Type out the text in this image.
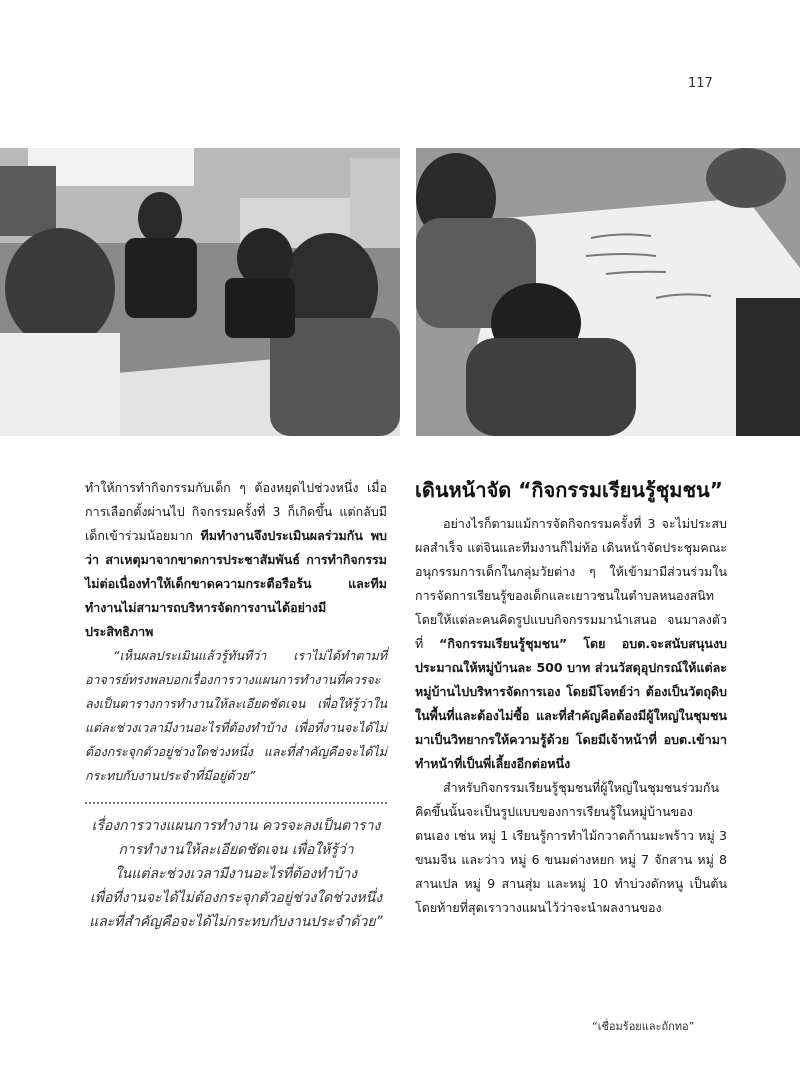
117

ทำให้การทำกิจกรรมกับเด็ก ๆ ต้องหยุดไปช่วงหนึ่ง เมื่อการเลือกตั้งผ่านไป กิจกรรมครั้งที่ 3 ก็เกิดขึ้น แต่กลับมีเด็กเข้าร่วมน้อยมาก ทีมทำงานจึงประเมินผลร่วมกัน พบว่า สาเหตุมาจากขาดการประชาสัมพันธ์ การทำกิจกรรมไม่ต่อเนื่องทำให้เด็กขาดความกระตือรือร้น และทีมทำงานไม่สามารถบริหารจัดการงานได้อย่างมีประสิทธิภาพ

“เห็นผลประเมินแล้วรู้ทันทีว่า เราไม่ได้ทำตามที่อาจารย์ทรงพลบอกเรื่องการวางแผนการทำงานที่ควรจะลงเป็นตารางการทำงานให้ละเอียดชัดเจน เพื่อให้รู้ว่าในแต่ละช่วงเวลามีงานอะไรที่ต้องทำบ้าง เพื่อที่งานจะได้ไม่ต้องกระจุกตัวอยู่ช่วงใดช่วงหนึ่ง และที่สำคัญคือจะได้ไม่กระทบกับงานประจำที่มีอยู่ด้วย”

เรื่องการวางแผนการทำงาน ควรจะลงเป็นตาราง

การทำงานให้ละเอียดชัดเจน เพื่อให้รู้ว่า

ในแต่ละช่วงเวลามีงานอะไรที่ต้องทำบ้าง

เพื่อที่งานจะได้ไม่ต้องกระจุกตัวอยู่ช่วงใดช่วงหนึ่ง

และที่สำคัญคือจะได้ไม่กระทบกับงานประจำด้วย”

เดินหน้าจัด “กิจกรรมเรียนรู้ชุมชน”

อย่างไรก็ตามแม้การจัดกิจกรรมครั้งที่ 3 จะไม่ประสบผลสำเร็จ แต่จินและทีมงานก็ไม่ท้อ เดินหน้าจัดประชุมคณะอนุกรรมการเด็กในกลุ่มวัยต่าง ๆ ให้เข้ามามีส่วนร่วมในการจัดการเรียนรู้ของเด็กและเยาวชนในตำบลหนองสนิท โดยให้แต่ละคนคิดรูปแบบกิจกรรมมานำเสนอ จนมาลงตัวที่ “กิจกรรมเรียนรู้ชุมชน” โดย อบต.จะสนับสนุนงบประมาณให้หมู่บ้านละ 500 บาท ส่วนวัสดุอุปกรณ์ให้แต่ละหมู่บ้านไปบริหารจัดการเอง โดยมีโจทย์ว่า ต้องเป็นวัตถุดิบในพื้นที่และต้องไม่ซื้อ และที่สำคัญคือต้องมีผู้ใหญ่ในชุมชนมาเป็นวิทยากรให้ความรู้ด้วย โดยมีเจ้าหน้าที่ อบต.เข้ามาทำหน้าที่เป็นพี่เลี้ยงอีกต่อหนึ่ง

สำหรับกิจกรรมเรียนรู้ชุมชนที่ผู้ใหญ่ในชุมชนร่วมกันคิดขึ้นนั้นจะเป็นรูปแบบของการเรียนรู้ในหมู่บ้านของตนเอง เช่น หมู่ 1 เรียนรู้การทำไม้กวาดก้านมะพร้าว หมู่ 3 ขนมจีน และว่าว หมู่ 6 ขนมด่างหยก หมู่ 7 จักสาน หมู่ 8 สานเปล หมู่ 9 สานสุ่ม และหมู่ 10 ทำบ่วงดักหนู เป็นต้น โดยท้ายที่สุดเราวางแผนไว้ว่าจะนำผลงานของ

“เชื่อมร้อยและถักทอ”
